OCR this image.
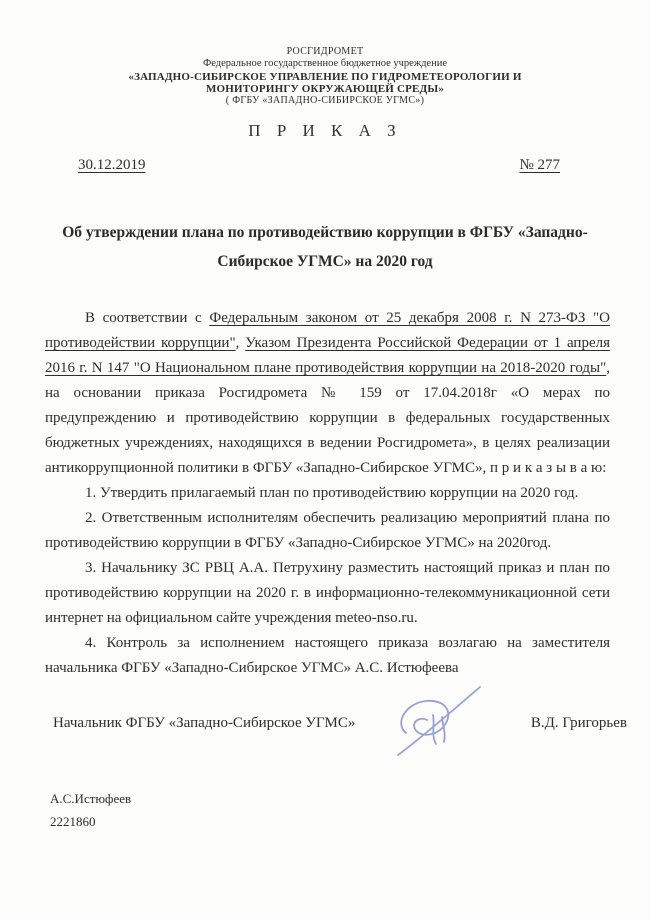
РОСГИДРОМЕТ
Федеральное государственное бюджетное учреждение
«ЗАПАДНО-СИБИРСКОЕ УПРАВЛЕНИЕ ПО ГИДРОМЕТЕОРОЛОГИИ И
МОНИТОРИНГУ ОКРУЖАЮЩЕЙ СРЕДЫ»
( ФГБУ «ЗАПАДНО-СИБИРСКОЕ УГМС»)
П Р И К А З
30.12.2019	№ 277
Об утверждении плана по противодействию коррупции в ФГБУ «Западно-
Сибирское УГМС» на 2020 год

В соответствии с Федеральным законом от 25 декабря 2008 г. N 273-ФЗ "О противодействии коррупции", Указом Президента Российской Федерации от 1 апреля 2016 г. N 147 "О Национальном плане противодействия коррупции на 2018-2020 годы", на основании приказа Росгидромета № 159 от 17.04.2018г «О мерах по предупреждению и противодействию коррупции в федеральных государственных бюджетных учреждениях, находящихся в ведении Росгидромета», в целях реализации антикоррупционной политики в ФГБУ «Западно-Сибирское УГМС», п р и к а з ы в а ю:

1. Утвердить прилагаемый план по противодействию коррупции на 2020 год.

2. Ответственным исполнителям обеспечить реализацию мероприятий плана по противодействию коррупции в ФГБУ «Западно-Сибирское УГМС» на 2020год.

3. Начальнику ЗС РВЦ А.А. Петрухину разместить настоящий приказ и план по противодействию коррупции на 2020 г. в информационно-телекоммуникационной сети интернет на официальном сайте учреждения meteo-nso.ru.

4. Контроль за исполнением настоящего приказа возлагаю на заместителя начальника ФГБУ «Западно-Сибирское УГМС» А.С. Истюфеева

Начальник ФГБУ «Западно-Сибирское УГМС»	В.Д. Григорьев
А.С.Истюфеев
2221860
